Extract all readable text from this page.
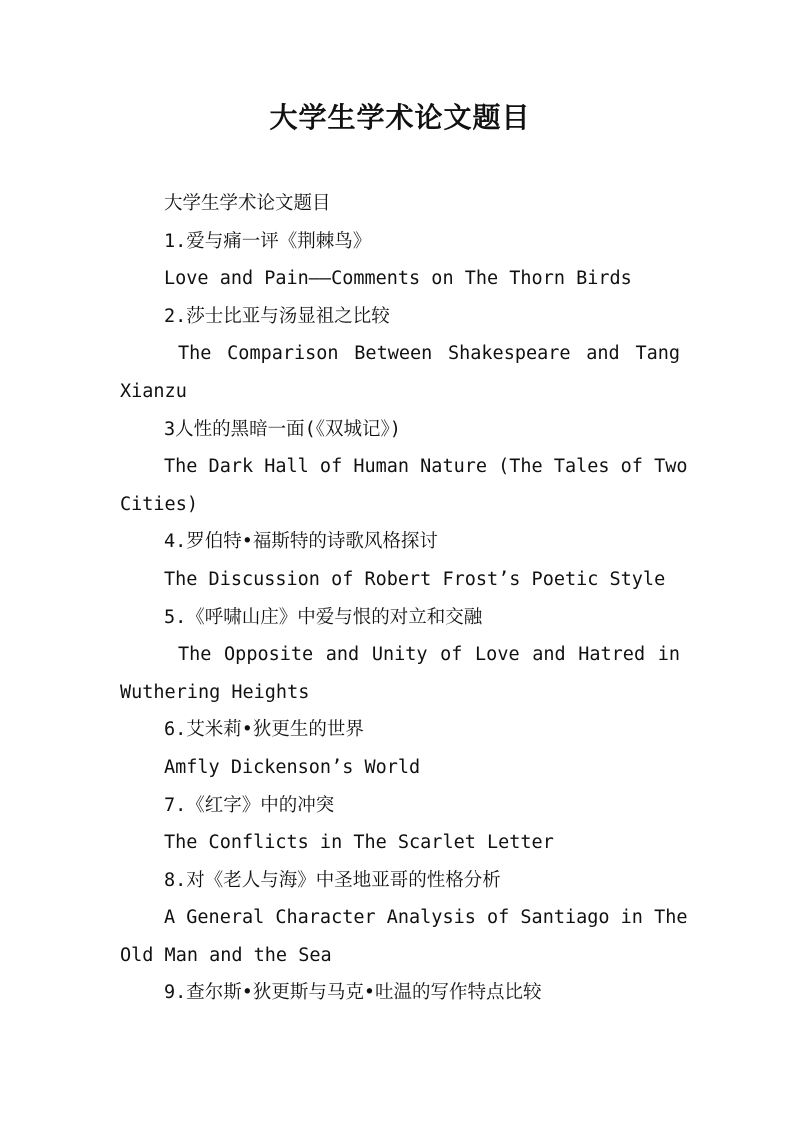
大学生学术论文题目
大学生学术论文题目
1.爱与痛一评《荆棘鸟》
Love and Pain——Comments on The Thorn Birds
2.莎士比亚与汤显祖之比较
The Comparison Between Shakespeare and Tang
Xianzu
3人性的黑暗一面(《双城记》)
The Dark Hall of Human Nature (The Tales of Two
Cities)
4.罗伯特•福斯特的诗歌风格探讨
The Discussion of Robert Frost’s Poetic Style
5.《呼啸山庄》中爱与恨的对立和交融
The Opposite and Unity of Love and Hatred in
Wuthering Heights
6.艾米莉•狄更生的世界
Amfly Dickenson’s World
7.《红字》中的冲突
The Conflicts in The Scarlet Letter
8.对《老人与海》中圣地亚哥的性格分析
A General Character Analysis of Santiago in The
Old Man and the Sea
9.查尔斯•狄更斯与马克•吐温的写作特点比较
